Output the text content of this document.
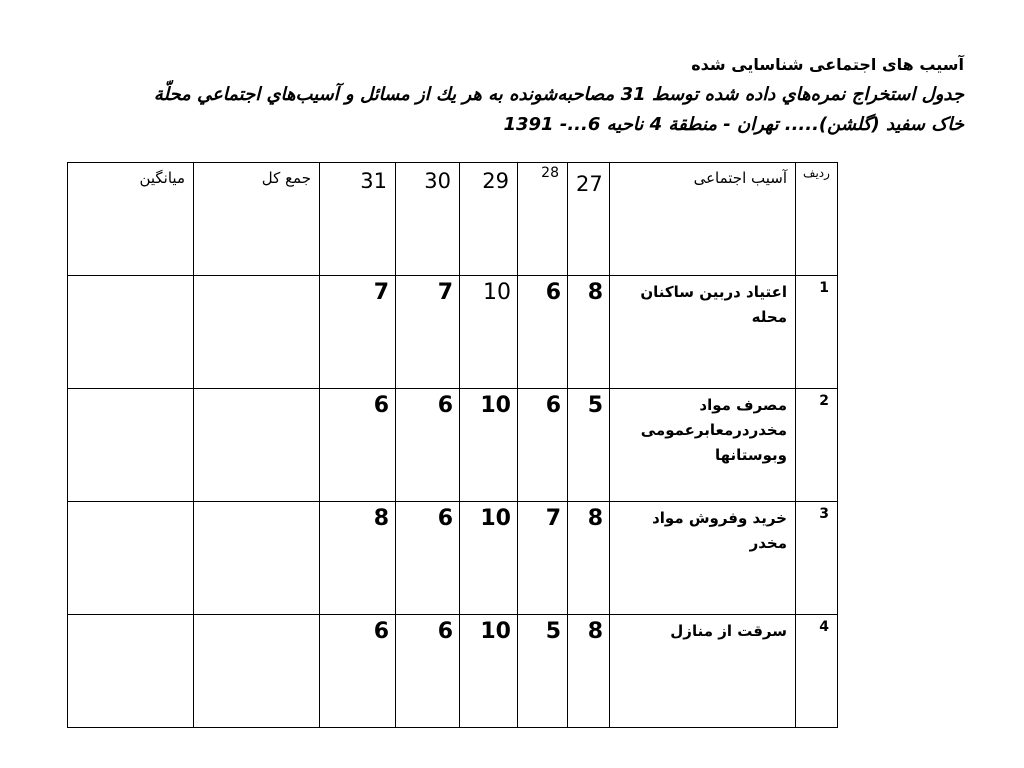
آسیب های اجتماعی شناسایی شده
جدول استخراج نمره‌هاي داده شده توسط 31 مصاحبه‌شونده به هر يك از مسائل و آسیب‌هاي اجتماعي محلّة
خاک سفید (گلشن)..... تهران - منطقة 4 ناحیه 6...- 1391
میانگین	جمع کل	31	30	29	28	27	آسیب اجتماعی	ردیف

		7	7	10	6	8	اعتیاد دربین ساکنان محله	1

		6	6	10	6	5	مصرف مواد مخدردرمعابرعمومی وبوستانها	2

		8	6	10	7	8	خرید وفروش مواد مخدر	3

		6	6	10	5	8	سرقت از منازل	4
